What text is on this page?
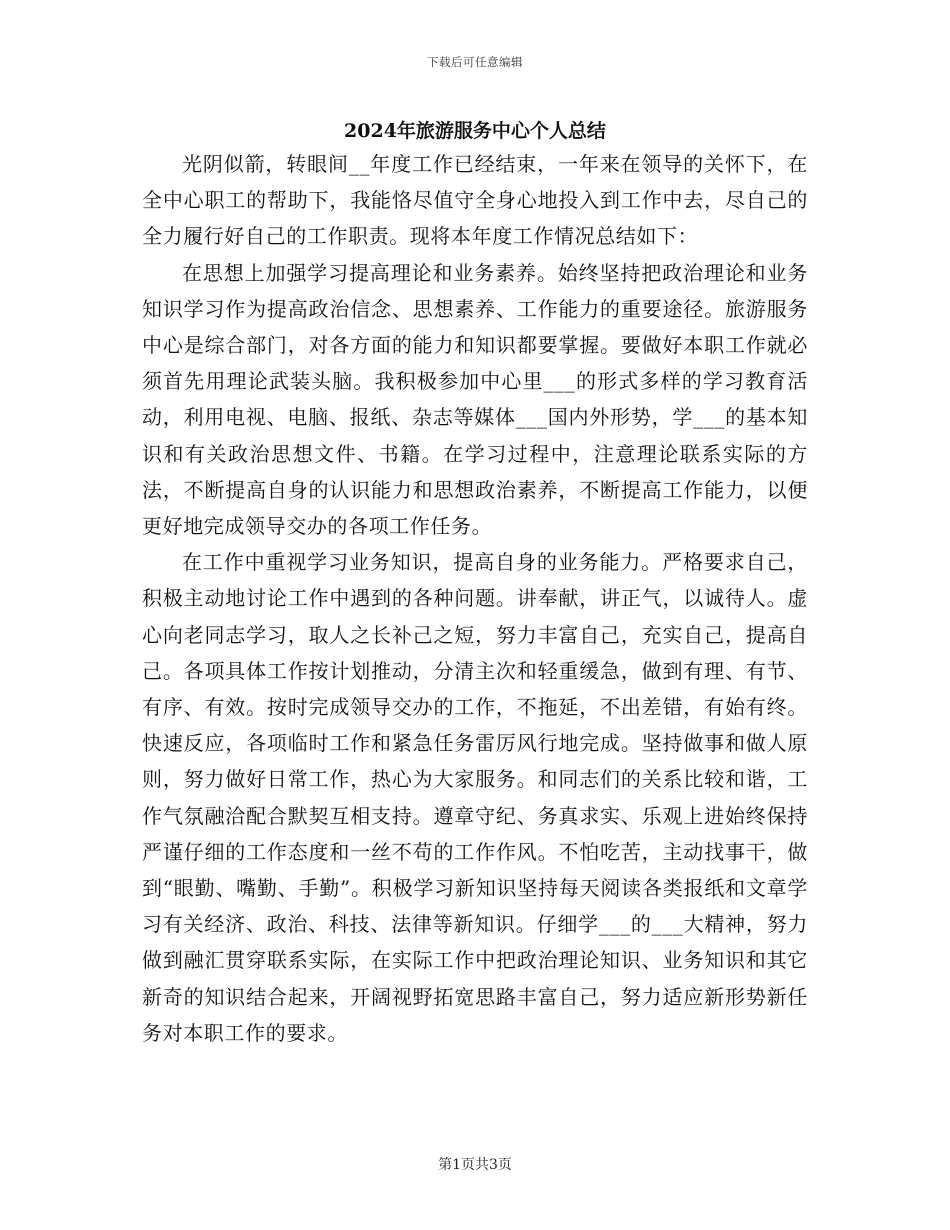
下载后可任意编辑
2024年旅游服务中心个人总结

光阴似箭，转眼间__年度工作已经结束，一年来在领导的关怀下，在全中心职工的帮助下，我能恪尽值守全身心地投入到工作中去，尽自己的全力履行好自己的工作职责。现将本年度工作情况总结如下：

在思想上加强学习提高理论和业务素养。始终坚持把政治理论和业务知识学习作为提高政治信念、思想素养、工作能力的重要途径。旅游服务中心是综合部门，对各方面的能力和知识都要掌握。要做好本职工作就必须首先用理论武装头脑。我积极参加中心里___的形式多样的学习教育活动，利用电视、电脑、报纸、杂志等媒体___国内外形势，学___的基本知识和有关政治思想文件、书籍。在学习过程中，注意理论联系实际的方法，不断提高自身的认识能力和思想政治素养，不断提高工作能力，以便更好地完成领导交办的各项工作任务。

在工作中重视学习业务知识，提高自身的业务能力。严格要求自己，积极主动地讨论工作中遇到的各种问题。讲奉献，讲正气，以诚待人。虚心向老同志学习，取人之长补己之短，努力丰富自己，充实自己，提高自己。各项具体工作按计划推动，分清主次和轻重缓急，做到有理、有节、有序、有效。按时完成领导交办的工作，不拖延，不出差错，有始有终。快速反应，各项临时工作和紧急任务雷厉风行地完成。坚持做事和做人原则，努力做好日常工作，热心为大家服务。和同志们的关系比较和谐，工作气氛融洽配合默契互相支持。遵章守纪、务真求实、乐观上进始终保持严谨仔细的工作态度和一丝不苟的工作作风。不怕吃苦，主动找事干，做到“眼勤、嘴勤、手勤”。积极学习新知识坚持每天阅读各类报纸和文章学习有关经济、政治、科技、法律等新知识。仔细学___的___大精神，努力做到融汇贯穿联系实际，在实际工作中把政治理论知识、业务知识和其它新奇的知识结合起来，开阔视野拓宽思路丰富自己，努力适应新形势新任务对本职工作的要求。

第1页共3页
